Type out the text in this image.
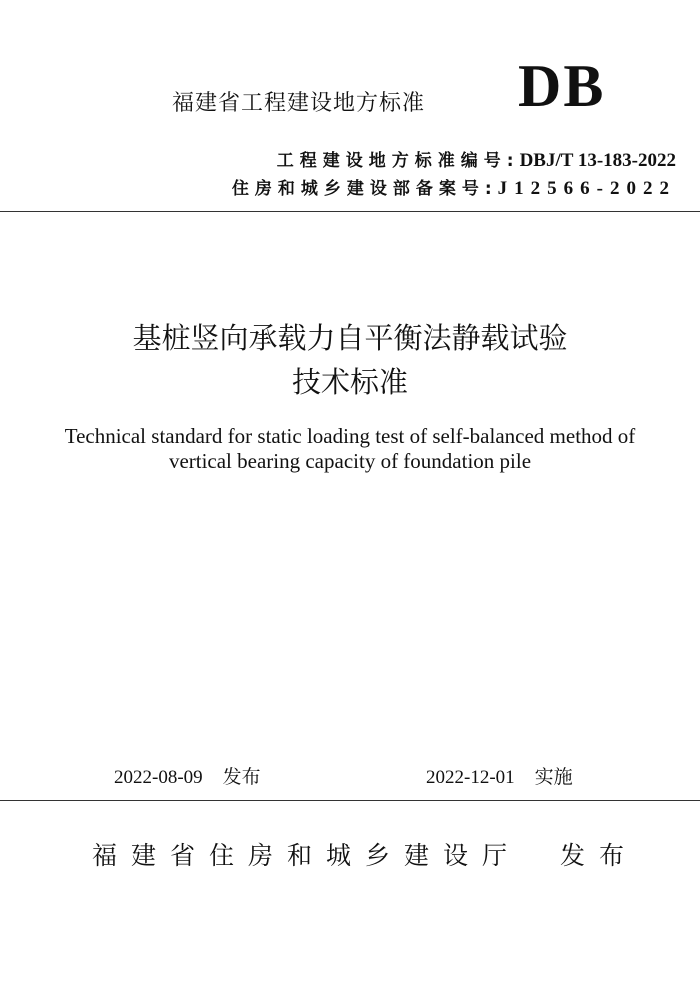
福建省工程建设地方标准 DB
工程建设地方标准编号:DBJ/T 13-183-2022
住房和城乡建设部备案号:J12566-2022
基桩竖向承载力自平衡法静载试验
技术标准
Technical standard for static loading test of self-balanced method of
vertical bearing capacity of foundation pile
2022-08-09 发布	2022-12-01 实施
福建省住房和城乡建设厅 发布
